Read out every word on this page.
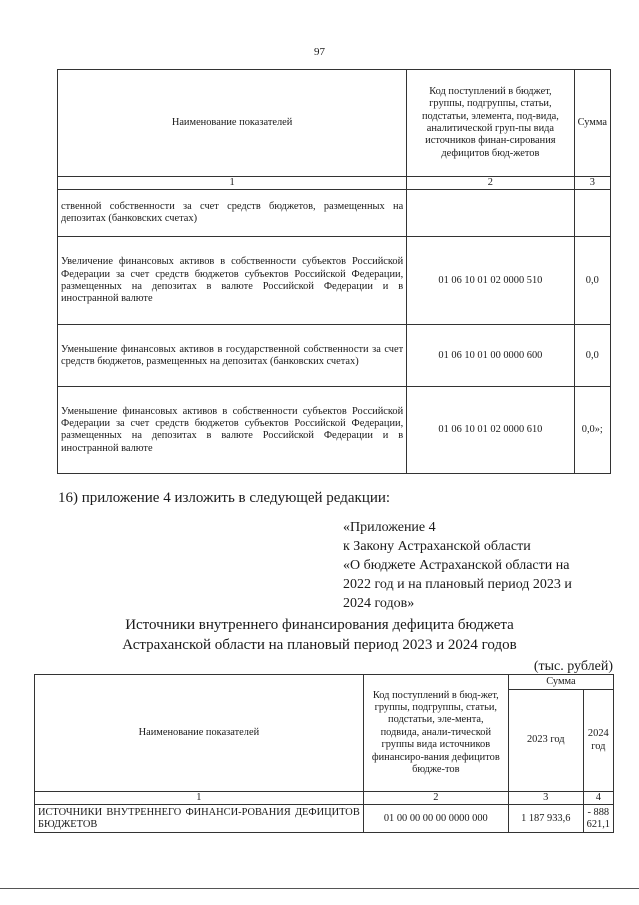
97
Наименование показателей	Код поступлений в бюджет, группы, подгруппы, статьи, подстатьи, элемента, под-вида, аналитической груп-пы вида источников финан-сирования дефицитов бюд-жетов	Сумма
1	2	3
ственной собственности за счет средств бюджетов, размещенных на депозитах (банковских счетах)		
Увеличение финансовых активов в собственности субъектов Российской Федерации за счет средств бюджетов субъектов Российской Федерации, размещенных на депозитах в валюте Российской Федерации и в иностранной валюте	01 06 10 01 02 0000 510	0,0
Уменьшение финансовых активов в государственной собственности за счет средств бюджетов, размещенных на депозитах (банковских счетах)	01 06 10 01 00 0000 600	0,0
Уменьшение финансовых активов в собственности субъектов Российской Федерации за счет средств бюджетов субъектов Российской Федерации, размещенных на депозитах в валюте Российской Федерации и в иностранной валюте	01 06 10 01 02 0000 610	0,0»;
16) приложение 4 изложить в следующей редакции:
«Приложение 4
к Закону Астраханской области
«О бюджете Астраханской области на
2022 год и на плановый период 2023 и
2024 годов»
Источники внутреннего финансирования дефицита бюджета
Астраханской области на плановый период 2023 и 2024 годов
(тыс. рублей)
Наименование показателей	Код поступлений в бюд-жет, группы, подгруппы, статьи, подстатьи, эле-мента, подвида, анали-тической группы вида источников финансиро-вания дефицитов бюдже-тов	Сумма	
		2023 год	2024 год
1	2	3	4
ИСТОЧНИКИ ВНУТРЕННЕГО ФИНАНСИ-РОВАНИЯ ДЕФИЦИТОВ БЮДЖЕТОВ	01 00 00 00 00 0000 000	1 187 933,6	- 888 621,1
